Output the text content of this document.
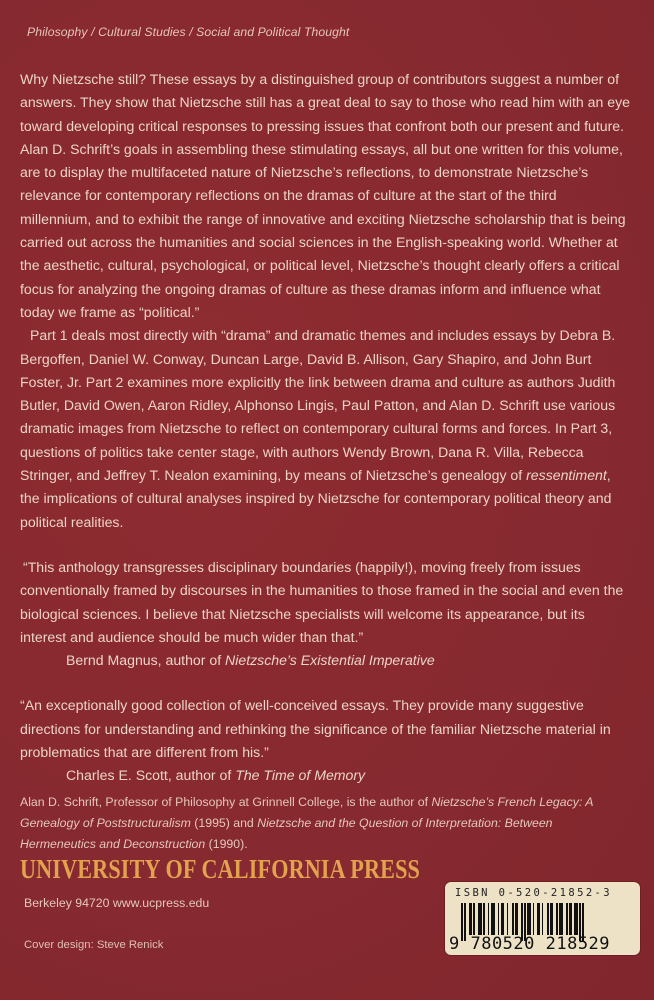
Philosophy / Cultural Studies / Social and Political Thought

Why Nietzsche still? These essays by a distinguished group of contributors suggest a number of answers. They show that Nietzsche still has a great deal to say to those who read him with an eye toward developing critical responses to pressing issues that confront both our present and future. Alan D. Schrift’s goals in assembling these stimulating essays, all but one written for this volume, are to display the multifaceted nature of Nietzsche’s reflections, to demonstrate Nietzsche’s relevance for contemporary reflections on the dramas of culture at the start of the third millennium, and to exhibit the range of innovative and exciting Nietzsche scholarship that is being carried out across the humanities and social sciences in the English-speaking world. Whether at the aesthetic, cultural, psychological, or political level, Nietzsche’s thought clearly offers a critical focus for analyzing the ongoing dramas of culture as these dramas inform and influence what today we frame as “political.”

Part 1 deals most directly with “drama” and dramatic themes and includes essays by Debra B. Bergoffen, Daniel W. Conway, Duncan Large, David B. Allison, Gary Shapiro, and John Burt Foster, Jr. Part 2 examines more explicitly the link between drama and culture as authors Judith Butler, David Owen, Aaron Ridley, Alphonso Lingis, Paul Patton, and Alan D. Schrift use various dramatic images from Nietzsche to reflect on contemporary cultural forms and forces. In Part 3, questions of politics take center stage, with authors Wendy Brown, Dana R. Villa, Rebecca Stringer, and Jeffrey T. Nealon examining, by means of Nietzsche’s genealogy of ressentiment, the implications of cultural analyses inspired by Nietzsche for contemporary political theory and political realities.

“This anthology transgresses disciplinary boundaries (happily!), moving freely from issues conventionally framed by discourses in the humanities to those framed in the social and even the biological sciences. I believe that Nietzsche specialists will welcome its appearance, but its interest and audience should be much wider than that.”

Bernd Magnus, author of Nietzsche’s Existential Imperative

“An exceptionally good collection of well-conceived essays. They provide many suggestive directions for understanding and rethinking the significance of the familiar Nietzsche material in problematics that are different from his.”

Charles E. Scott, author of The Time of Memory

Alan D. Schrift, Professor of Philosophy at Grinnell College, is the author of Nietzsche’s French Legacy: A Genealogy of Poststructuralism (1995) and Nietzsche and the Question of Interpretation: Between Hermeneutics and Deconstruction (1990).

UNIVERSITY OF CALIFORNIA PRESS
Berkeley 94720 www.ucpress.edu
Cover design: Steve Renick
ISBN 0-520-21852-3
9 780520 218529
